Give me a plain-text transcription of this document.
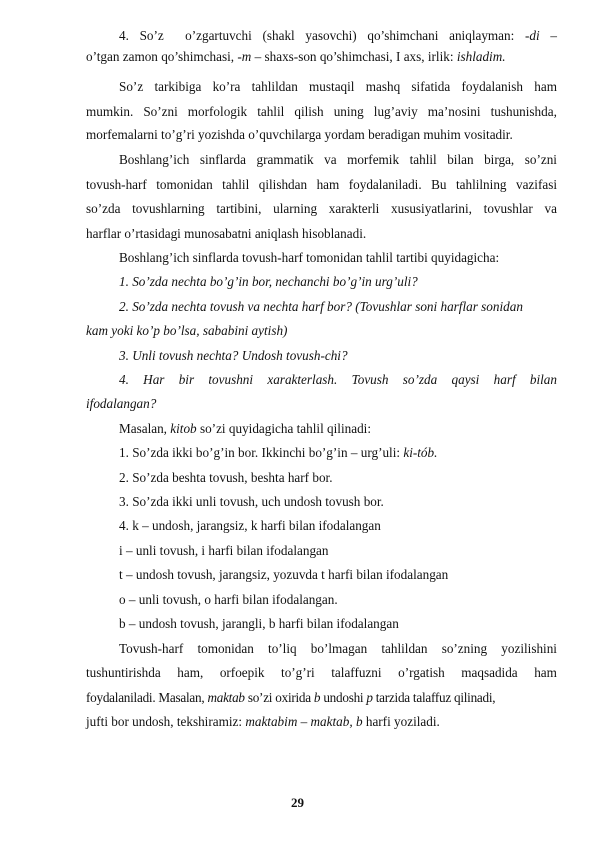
4. So’z o’zgartuvchi (shakl yasovchi) qo’shimchani aniqlayman: -di –
o’tgan zamon qo’shimchasi, -m – shaxs-son qo’shimchasi, I axs, irlik: ishladim.
So’z tarkibiga ko’ra tahlildan mustaqil mashq sifatida foydalanish ham
mumkin. So’zni morfologik tahlil qilish uning lug’aviy ma’nosini tushunishda,
morfemalarni to’g’ri yozishda o’quvchilarga yordam beradigan muhim vositadir.
Boshlang’ich sinflarda grammatik va morfemik tahlil bilan birga, so’zni
tovush-harf tomonidan tahlil qilishdan ham foydalaniladi. Bu tahlilning vazifasi
so’zda tovushlarning tartibini, ularning xarakterli xususiyatlarini, tovushlar va
harflar o’rtasidagi munosabatni aniqlash hisoblanadi.
Boshlang’ich sinflarda tovush-harf tomonidan tahlil tartibi quyidagicha:
1. So’zda nechta bo’g’in bor, nechanchi bo’g’in urg’uli?
2. So’zda nechta tovush va nechta harf bor? (Tovushlar soni harflar sonidan
kam yoki ko’p bo’lsa, sababini aytish)
3. Unli tovush nechta? Undosh tovush-chi?
4. Har bir tovushni xarakterlash. Tovush so’zda qaysi harf bilan
ifodalangan?
Masalan, kitob so’zi quyidagicha tahlil qilinadi:
1. So’zda ikki bo’g’in bor. Ikkinchi bo’g’in – urg’uli: ki-tób.
2. So’zda beshta tovush, beshta harf bor.
3. So’zda ikki unli tovush, uch undosh tovush bor.
4. k – undosh, jarangsiz, k harfi bilan ifodalangan
i – unli tovush, i harfi bilan ifodalangan
t – undosh tovush, jarangsiz, yozuvda t harfi bilan ifodalangan
o – unli tovush, o harfi bilan ifodalangan.
b – undosh tovush, jarangli, b harfi bilan ifodalangan
Tovush-harf tomonidan to’liq bo’lmagan tahlildan so’zning yozilishini
tushuntirishda ham, orfoepik to’g’ri talaffuzni o’rgatish maqsadida ham
foydalaniladi. Masalan, maktab so’zi oxirida b undoshi p tarzida talaffuz qilinadi,
jufti bor undosh, tekshiramiz: maktabim – maktab, b harfi yoziladi.
29
